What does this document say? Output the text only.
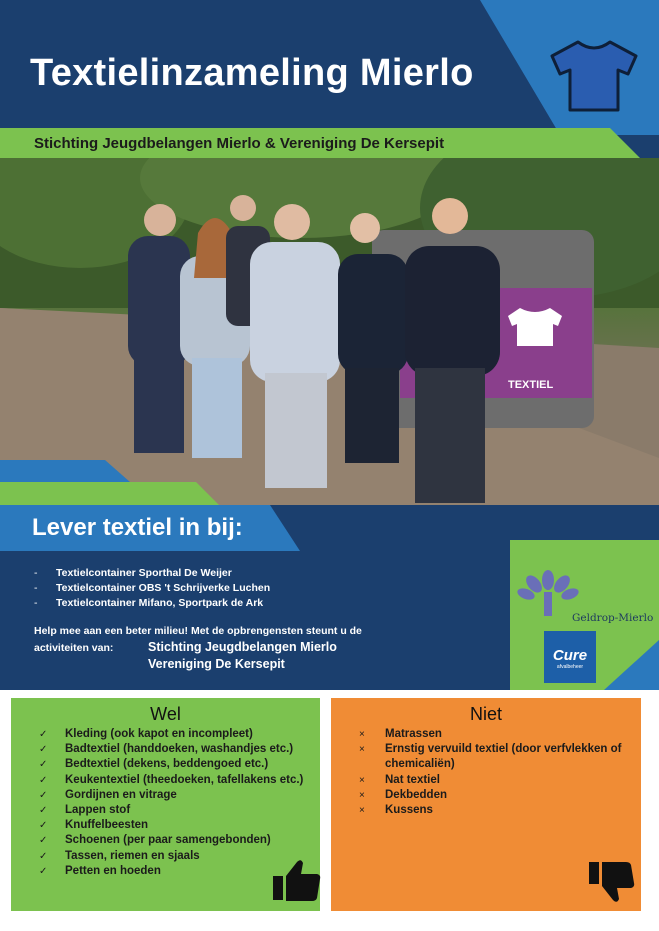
Textielinzameling Mierlo
Stichting Jeugdbelangen Mierlo & Vereniging De Kersepit
TEXTIEL
Lever textiel in bij:
- Textielcontainer Sporthal De Weijer
- Textielcontainer OBS 't Schrijverke Luchen
- Textielcontainer Mifano, Sportpark de Ark
Help mee aan een beter milieu! Met de opbrengensten steunt u de
activiteiten van:	Stichting Jeugdbelangen Mierlo
Vereniging De Kersepit
Geldrop-Mierlo
Cure
afvalbeheer
Wel
✓ Kleding (ook kapot en incompleet)
✓ Badtextiel (handdoeken, washandjes etc.)
✓ Bedtextiel (dekens, beddengoed etc.)
✓ Keukentextiel (theedoeken, tafellakens etc.)
✓ Gordijnen en vitrage
✓ Lappen stof
✓ Knuffelbeesten
✓ Schoenen (per paar samengebonden)
✓ Tassen, riemen en sjaals
✓ Petten en hoeden
Niet
× Matrassen
× Ernstig vervuild textiel (door verfvlekken of chemicaliën)
× Nat textiel
× Dekbedden
× Kussens
